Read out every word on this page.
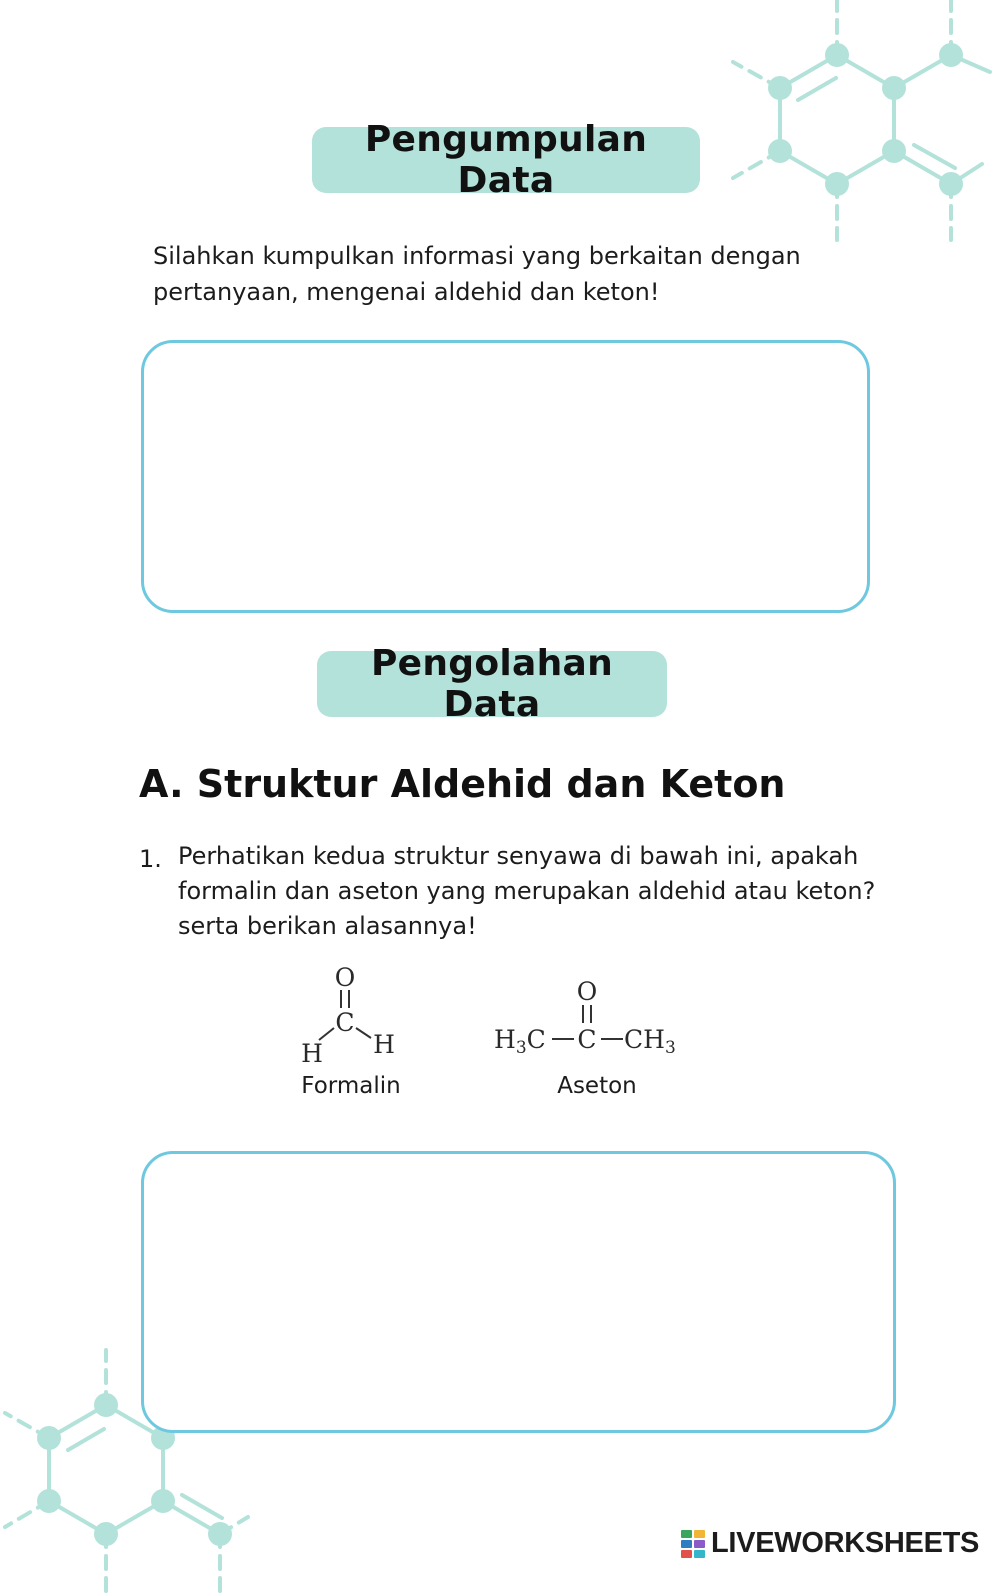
Pengumpulan Data

Silahkan kumpulkan informasi yang berkaitan dengan pertanyaan, mengenai aldehid dan keton!

Pengolahan Data
A. Struktur Aldehid dan Keton
1. Perhatikan kedua struktur senyawa di bawah ini, apakah formalin dan aseton yang merupakan aldehid atau keton? serta berikan alasannya!

O
C
H H
O
C
H3C	CH3
Formalin	Aseton
LIVEWORKSHEETS
